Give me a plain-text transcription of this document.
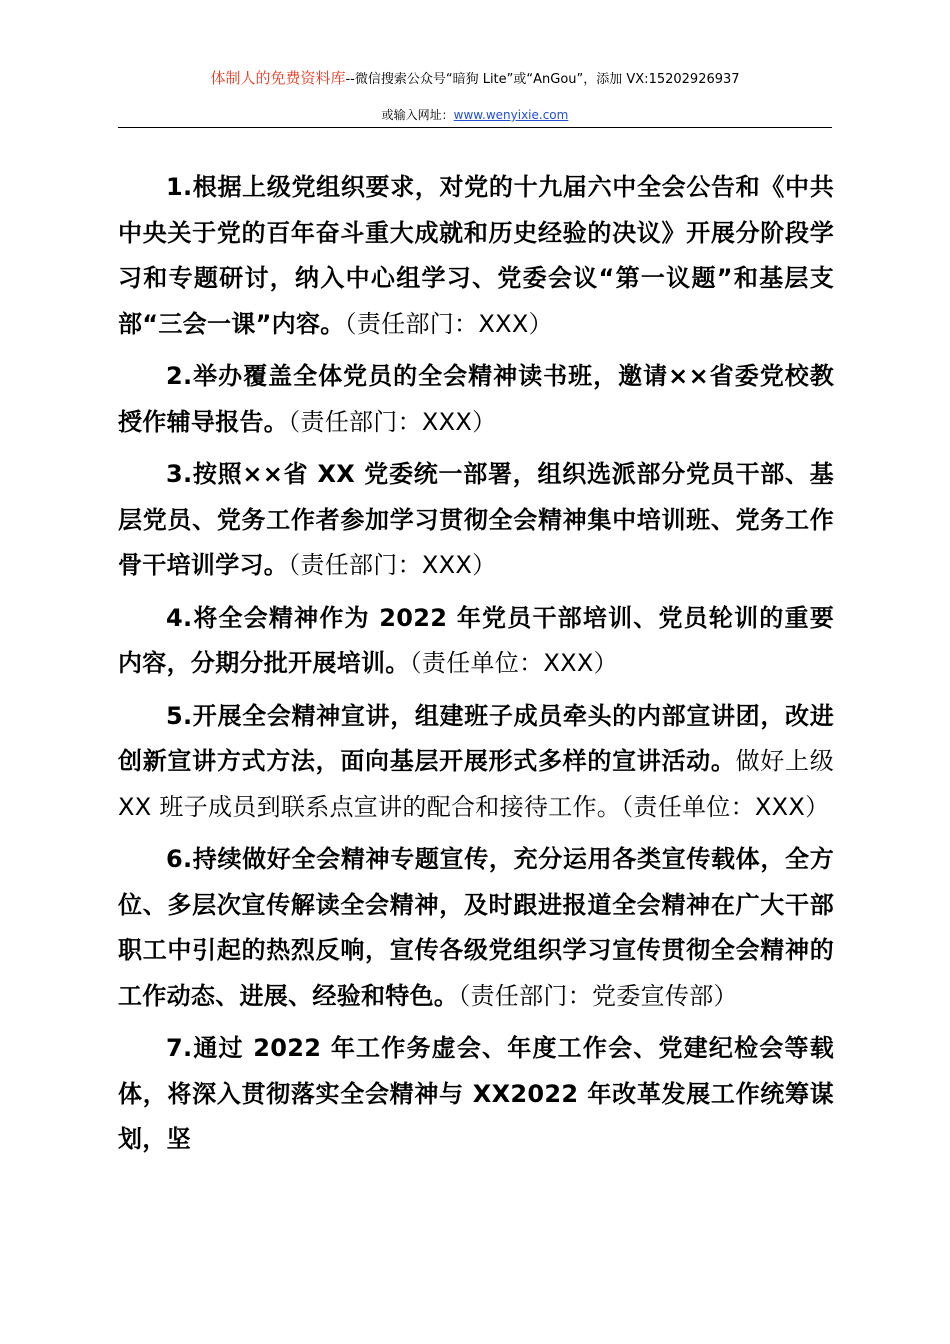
体制人的免费资料库--微信搜索公众号“暗狗 Lite”或“AnGou”，添加 VX:15202926937
或输入网址：www.wenyixie.com

1.根据上级党组织要求，对党的十九届六中全会公告和《中共中央关于党的百年奋斗重大成就和历史经验的决议》开展分阶段学习和专题研讨，纳入中心组学习、党委会议“第一议题”和基层支部“三会一课”内容。（责任部门：XXX）

2.举办覆盖全体党员的全会精神读书班，邀请××省委党校教授作辅导报告。（责任部门：XXX）

3.按照××省 XX 党委统一部署，组织选派部分党员干部、基层党员、党务工作者参加学习贯彻全会精神集中培训班、党务工作骨干培训学习。（责任部门：XXX）

4.将全会精神作为 2022 年党员干部培训、党员轮训的重要内容，分期分批开展培训。（责任单位：XXX）

5.开展全会精神宣讲，组建班子成员牵头的内部宣讲团，改进创新宣讲方式方法，面向基层开展形式多样的宣讲活动。做好上级 XX 班子成员到联系点宣讲的配合和接待工作。（责任单位：XXX）

6.持续做好全会精神专题宣传，充分运用各类宣传载体，全方位、多层次宣传解读全会精神，及时跟进报道全会精神在广大干部职工中引起的热烈反响，宣传各级党组织学习宣传贯彻全会精神的工作动态、进展、经验和特色。（责任部门：党委宣传部）

7.通过 2022 年工作务虚会、年度工作会、党建纪检会等载体，将深入贯彻落实全会精神与 XX2022 年改革发展工作统筹谋划，坚
